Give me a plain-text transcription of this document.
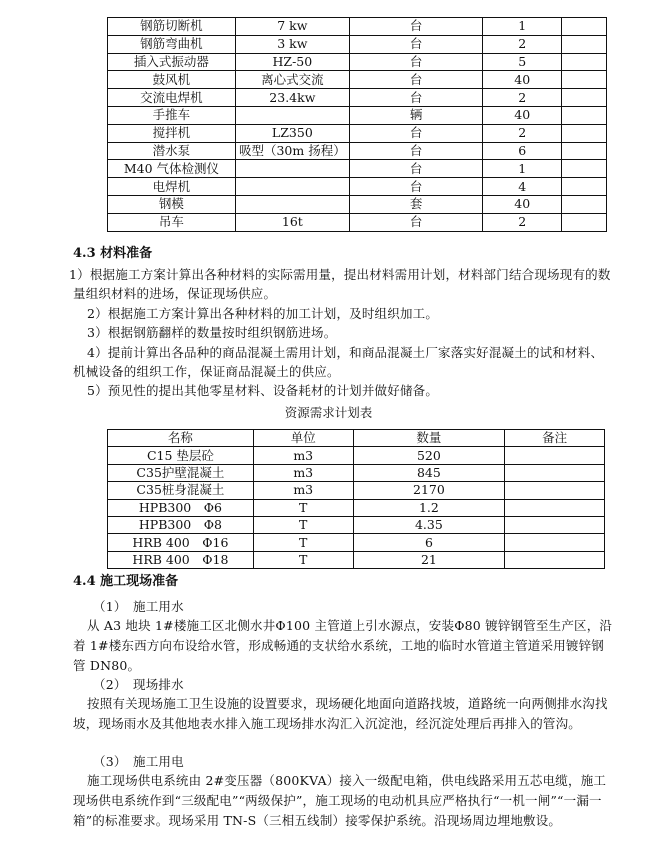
钢筋切断机	7 kw	台	1	
钢筋弯曲机	3 kw	台	2	
插入式振动器	HZ-50	台	5	
鼓风机	离心式交流	台	40	
交流电焊机	23.4kw	台	2	
手推车		辆	40	
搅拌机	LZ350	台	2	
潜水泵	吸型（30m 扬程）	台	6	
M40 气体检测仪		台	1	
电焊机		台	4	
钢模		套	40	
吊车	16t	台	2	
4.3 材料准备
1）根据施工方案计算出各种材料的实际需用量，提出材料需用计划，材料部门结合现场现有的数量组织材料的进场，保证现场供应。
2）根据施工方案计算出各种材料的加工计划，及时组织加工。
3）根据钢筋翻样的数量按时组织钢筋进场。
4）提前计算出各品种的商品混凝土需用计划，和商品混凝土厂家落实好混凝土的试和材料、机械设备的组织工作，保证商品混凝土的供应。
5）预见性的提出其他零星材料、设备耗材的计划并做好储备。
资源需求计划表
名称	单位	数量	备注
C15 垫层砼	m3	520	
C35护壁混凝土	m3	845	
C35桩身混凝土	m3	2170	
HPB300　Φ6	T	1.2	
HPB300　Φ8	T	4.35	
HRB 400　Φ16	T	6	
HRB 400　Φ18	T	21	
4.4 施工现场准备
（1）　施工用水
从 A3 地块 1#楼施工区北侧水井Φ100 主管道上引水源点，安装Φ80 镀锌钢管至生产区，沿着 1#楼东西方向布设给水管，形成畅通的支状给水系统，工地的临时水管道主管道采用镀锌钢管 DN80。
（2）　现场排水
按照有关现场施工卫生设施的设置要求，现场硬化地面向道路找坡，道路统一向两侧排水沟找坡，现场雨水及其他地表水排入施工现场排水沟汇入沉淀池，经沉淀处理后再排入的管沟。
（3）　施工用电
施工现场供电系统由 2#变压器（800KVA）接入一级配电箱，供电线路采用五芯电缆，施工现场供电系统作到“三级配电”“两级保护”，施工现场的电动机具应严格执行“一机一闸”“一漏一箱”的标准要求。现场采用 TN-S（三相五线制）接零保护系统。沿现场周边埋地敷设。
